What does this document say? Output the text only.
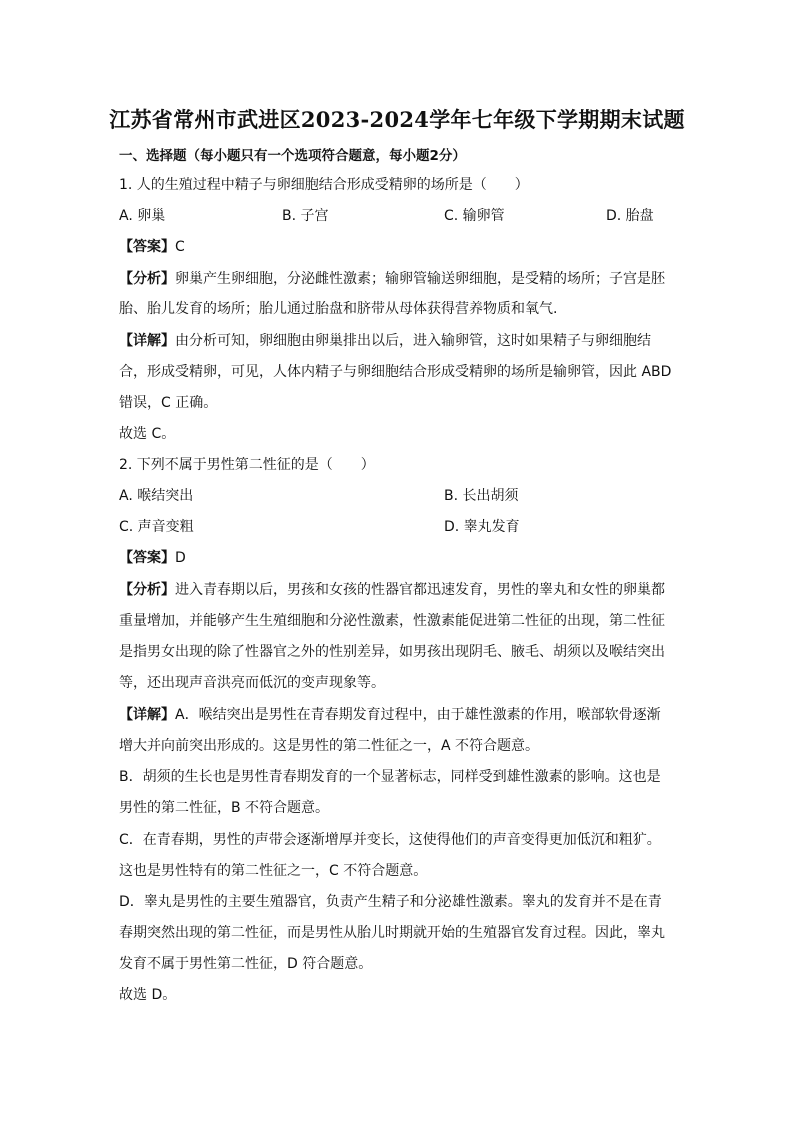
江苏省常州市武进区2023-2024学年七年级下学期期末试题
一、选择题（每小题只有一个选项符合题意，每小题2分）
1. 人的生殖过程中精子与卵细胞结合形成受精卵的场所是（　　）
A. 卵巢	B. 子宫	C. 输卵管	D. 胎盘
【答案】C
【分析】卵巢产生卵细胞，分泌雌性激素；输卵管输送卵细胞，是受精的场所；子宫是胚
胎、胎儿发育的场所；胎儿通过胎盘和脐带从母体获得营养物质和氧气.
【详解】由分析可知，卵细胞由卵巢排出以后，进入输卵管，这时如果精子与卵细胞结
合，形成受精卵，可见，人体内精子与卵细胞结合形成受精卵的场所是输卵管，因此 ABD
错误，C 正确。
故选 C。
2. 下列不属于男性第二性征的是（　　）
A. 喉结突出	B. 长出胡须
C. 声音变粗	D. 睾丸发育
【答案】D
【分析】进入青春期以后，男孩和女孩的性器官都迅速发育，男性的睾丸和女性的卵巢都
重量增加，并能够产生生殖细胞和分泌性激素，性激素能促进第二性征的出现，第二性征
是指男女出现的除了性器官之外的性别差异，如男孩出现阴毛、腋毛、胡须以及喉结突出
等，还出现声音洪亮而低沉的变声现象等。
【详解】A．喉结突出是男性在青春期发育过程中，由于雄性激素的作用，喉部软骨逐渐
增大并向前突出形成的。这是男性的第二性征之一，A 不符合题意。
B．胡须的生长也是男性青春期发育的一个显著标志，同样受到雄性激素的影响。这也是
男性的第二性征，B 不符合题意。
C．在青春期，男性的声带会逐渐增厚并变长，这使得他们的声音变得更加低沉和粗犷。
这也是男性特有的第二性征之一，C 不符合题意。
D．睾丸是男性的主要生殖器官，负责产生精子和分泌雄性激素。睾丸的发育并不是在青
春期突然出现的第二性征，而是男性从胎儿时期就开始的生殖器官发育过程。因此，睾丸
发育不属于男性第二性征，D 符合题意。
故选 D。
